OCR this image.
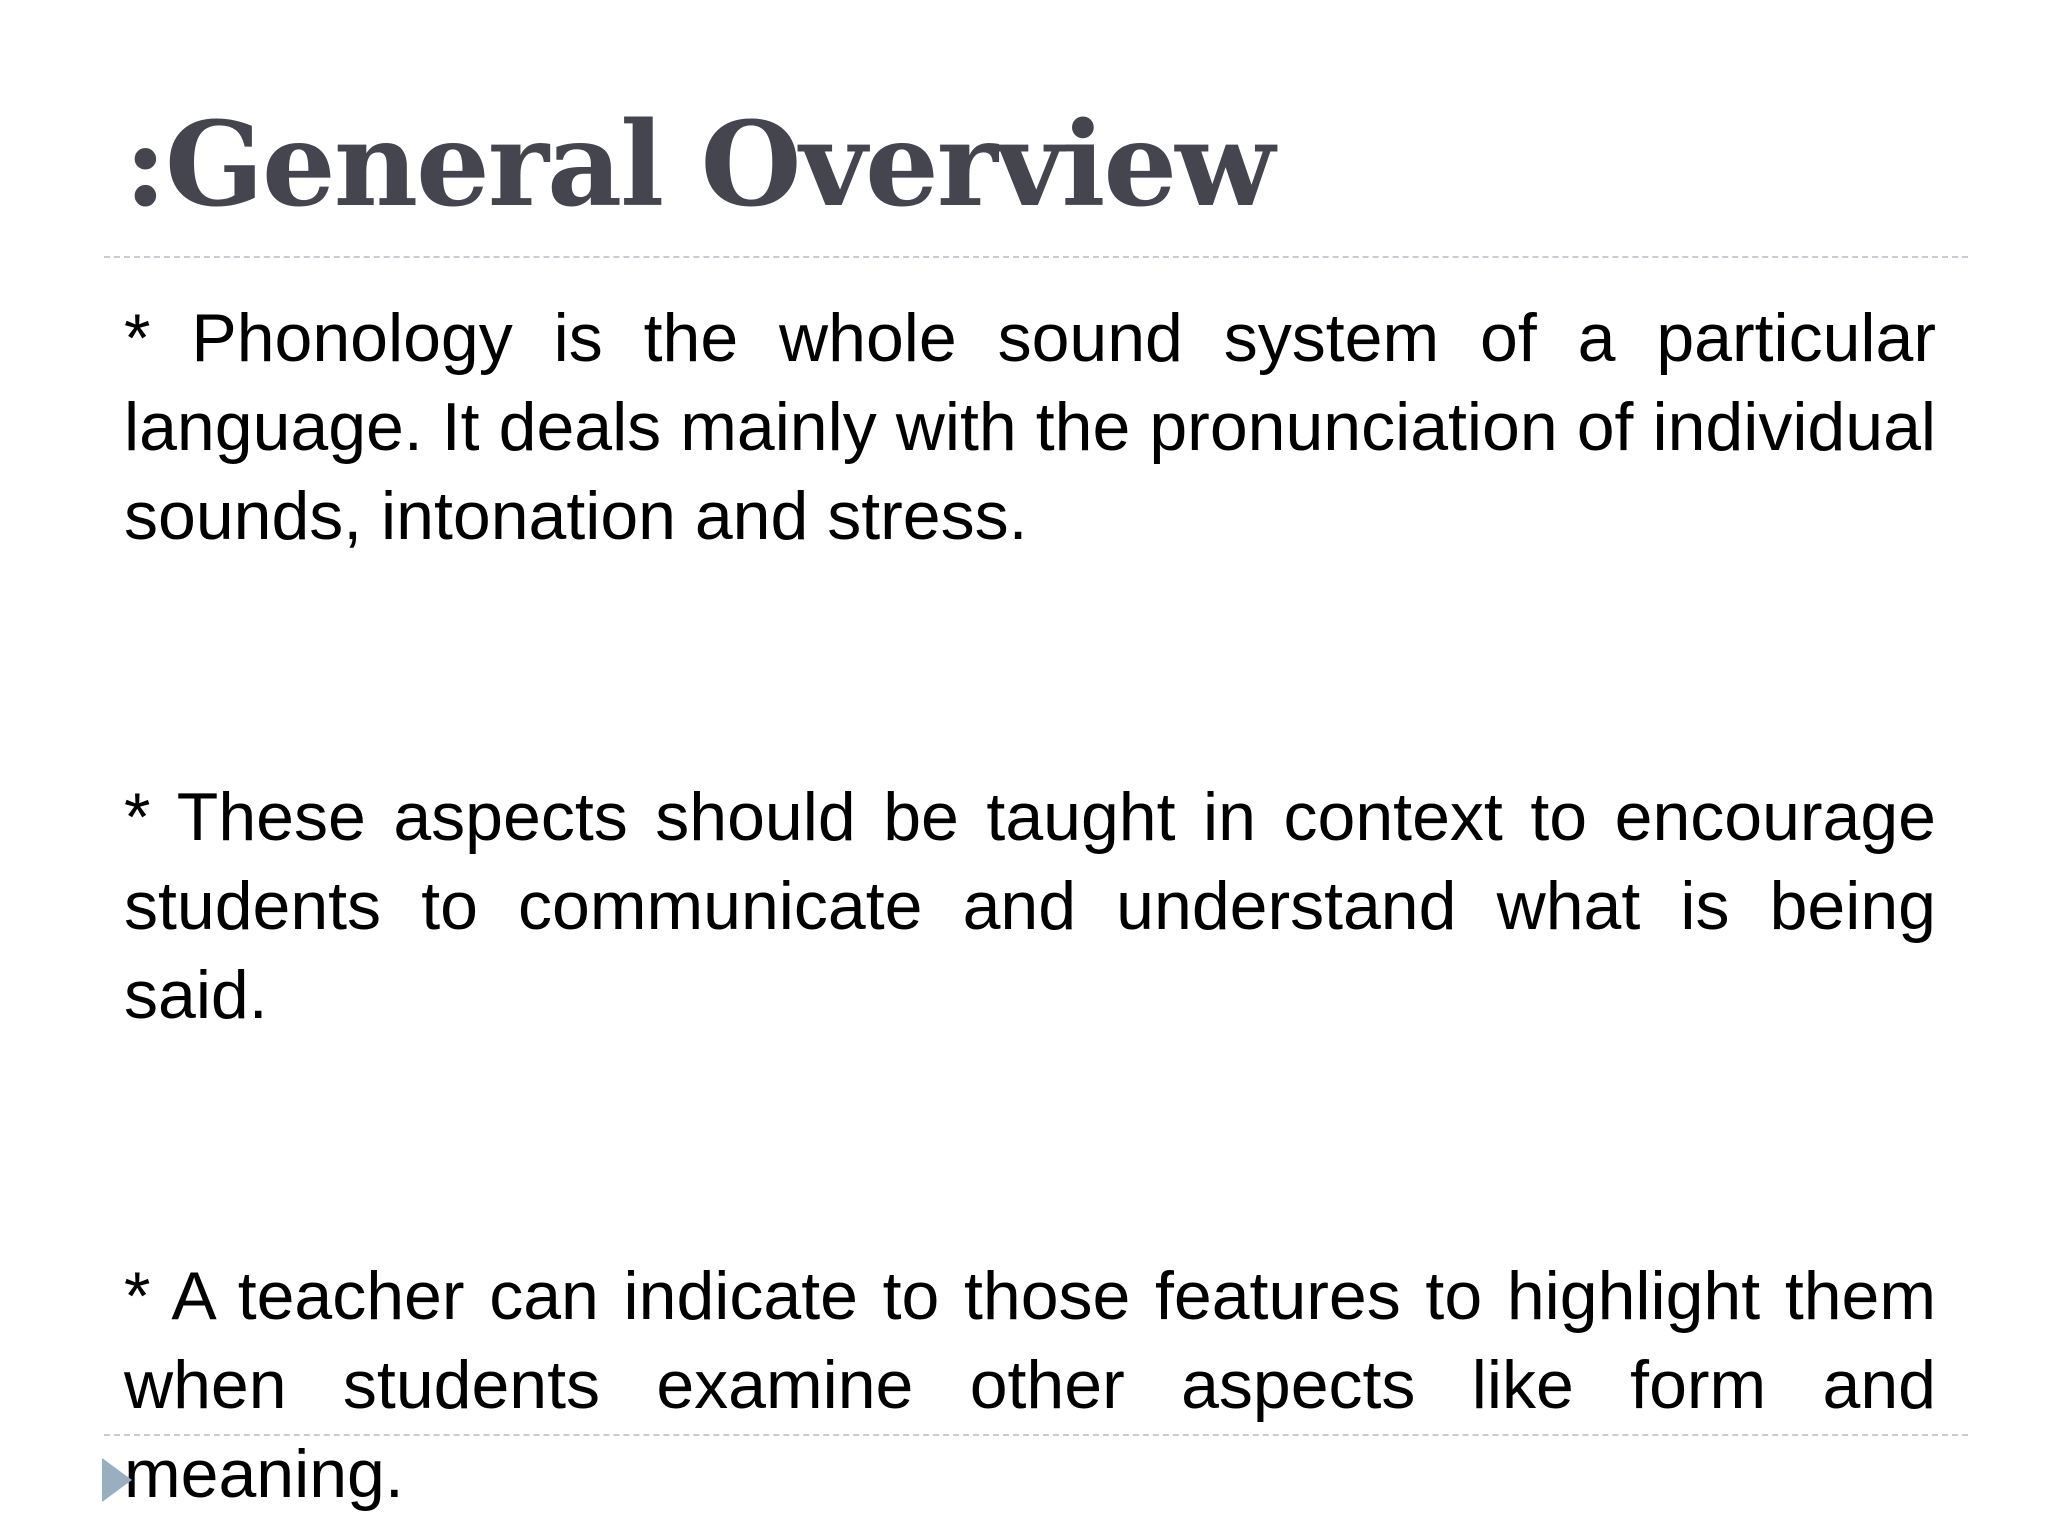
:General Overview

* Phonology is the whole sound system of a particular language. It deals mainly with the pronunciation of individual sounds, intonation and stress.

* These aspects should be taught in context to encourage students to communicate and understand what is being said.

* A teacher can indicate to those features to highlight them when students examine other aspects like form and meaning.
